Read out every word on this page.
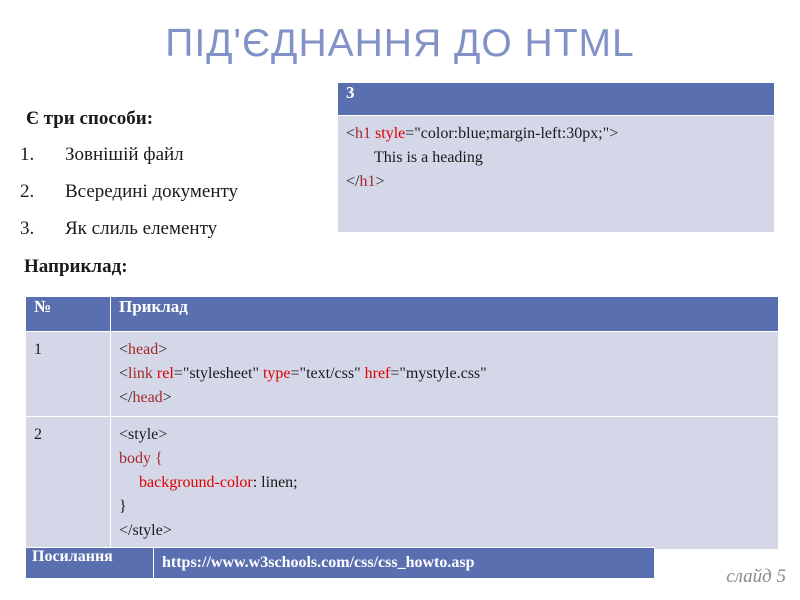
ПІД'ЄДНАННЯ ДО HTML
Є три способи:
1. Зовнішій файл
2. Всередині документу
3. Як слиль елементу
Наприклад:
3

<h1 style="color:blue;margin-left:30px;">
This is a heading
</h1>
№	Приклад
1	<head>
<link rel="stylesheet" type="text/css" href="mystyle.css"
</head>

2	<style>
body {
background-color: linen;
}
</style>
Посилання	https://www.w3schools.com/css/css_howto.asp
слайд 5
